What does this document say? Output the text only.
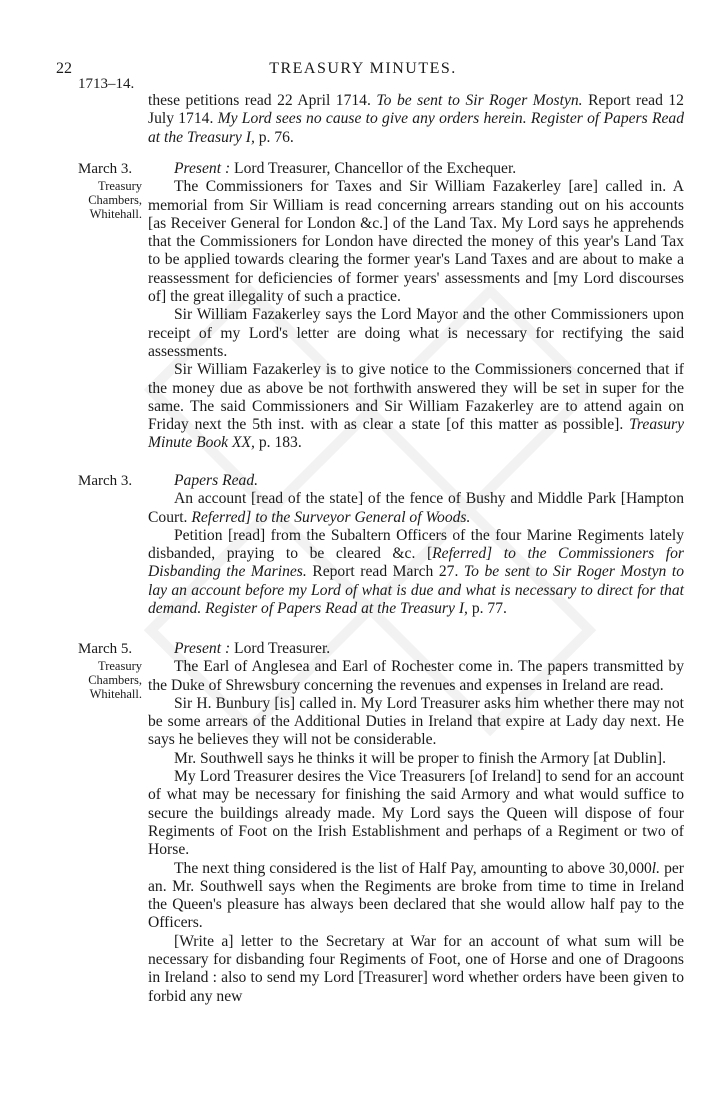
22	TREASURY MINUTES.
1713–14.

these petitions read 22 April 1714. To be sent to Sir Roger Mostyn. Report read 12 July 1714. My Lord sees no cause to give any orders herein. Register of Papers Read at the Treasury I, p. 76.

March 3.
Treasury
Chambers,
Whitehall.

Present : Lord Treasurer, Chancellor of the Exchequer.

The Commissioners for Taxes and Sir William Fazakerley [are] called in. A memorial from Sir William is read concerning arrears standing out on his accounts [as Receiver General for London &c.] of the Land Tax. My Lord says he apprehends that the Commissioners for London have directed the money of this year's Land Tax to be applied towards clearing the former year's Land Taxes and are about to make a reassessment for deficiencies of former years' assessments and [my Lord discourses of] the great illegality of such a practice.

Sir William Fazakerley says the Lord Mayor and the other Commissioners upon receipt of my Lord's letter are doing what is necessary for rectifying the said assessments.

Sir William Fazakerley is to give notice to the Commissioners concerned that if the money due as above be not forthwith answered they will be set in super for the same. The said Commissioners and Sir William Fazakerley are to attend again on Friday next the 5th inst. with as clear a state [of this matter as possible]. Treasury Minute Book XX, p. 183.

March 3.	Papers Read.

An account [read of the state] of the fence of Bushy and Middle Park [Hampton Court. Referred] to the Surveyor General of Woods.

Petition [read] from the Subaltern Officers of the four Marine Regiments lately disbanded, praying to be cleared &c. [Referred] to the Commissioners for Disbanding the Marines. Report read March 27. To be sent to Sir Roger Mostyn to lay an account before my Lord of what is due and what is necessary to direct for that demand. Register of Papers Read at the Treasury I, p. 77.

March 5.
Treasury
Chambers,
Whitehall.

Present : Lord Treasurer.

The Earl of Anglesea and Earl of Rochester come in. The papers transmitted by the Duke of Shrewsbury concerning the revenues and expenses in Ireland are read.

Sir H. Bunbury [is] called in. My Lord Treasurer asks him whether there may not be some arrears of the Additional Duties in Ireland that expire at Lady day next. He says he believes they will not be considerable.

Mr. Southwell says he thinks it will be proper to finish the Armory [at Dublin].

My Lord Treasurer desires the Vice Treasurers [of Ireland] to send for an account of what may be necessary for finishing the said Armory and what would suffice to secure the buildings already made. My Lord says the Queen will dispose of four Regiments of Foot on the Irish Establishment and perhaps of a Regiment or two of Horse.

The next thing considered is the list of Half Pay, amounting to above 30,000l. per an. Mr. Southwell says when the Regiments are broke from time to time in Ireland the Queen's pleasure has always been declared that she would allow half pay to the Officers.

[Write a] letter to the Secretary at War for an account of what sum will be necessary for disbanding four Regiments of Foot, one of Horse and one of Dragoons in Ireland : also to send my Lord [Treasurer] word whether orders have been given to forbid any new
